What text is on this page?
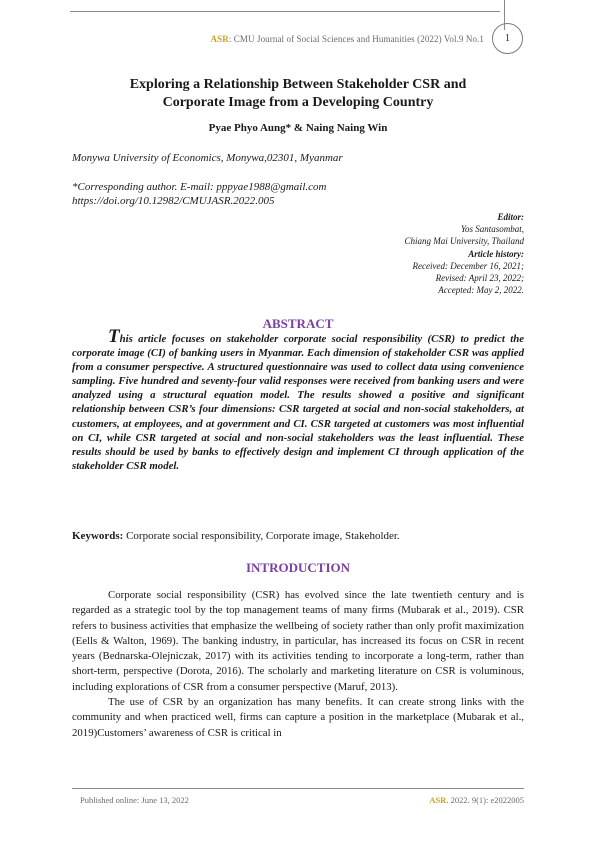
ASR: CMU Journal of Social Sciences and Humanities (2022) Vol.9 No.1	1
Exploring a Relationship Between Stakeholder CSR and
Corporate Image from a Developing Country
Pyae Phyo Aung* & Naing Naing Win
Monywa University of Economics, Monywa,02301, Myanmar
*Corresponding author. E-mail: pppyae1988@gmail.com
https://doi.org/10.12982/CMUJASR.2022.005
Editor:
Yos Santasombat,
Chiang Mai University, Thailand
Article history:
Received: December 16, 2021;
Revised: April 23, 2022;
Accepted: May 2, 2022.
ABSTRACT

This article focuses on stakeholder corporate social responsibility (CSR) to predict the corporate image (CI) of banking users in Myanmar. Each dimension of stakeholder CSR was applied from a consumer perspective. A structured questionnaire was used to collect data using convenience sampling. Five hundred and seventy-four valid responses were received from banking users and were analyzed using a structural equation model. The results showed a positive and significant relationship between CSR’s four dimensions: CSR targeted at social and non-social stakeholders, at customers, at employees, and at government and CI. CSR targeted at customers was most influential on CI, while CSR targeted at social and non-social stakeholders was the least influential. These results should be used by banks to effectively design and implement CI through application of the stakeholder CSR model.

Keywords: Corporate social responsibility, Corporate image, Stakeholder.
INTRODUCTION

Corporate social responsibility (CSR) has evolved since the late twentieth century and is regarded as a strategic tool by the top management teams of many firms (Mubarak et al., 2019). CSR refers to business activities that emphasize the wellbeing of society rather than only profit maximization (Eells & Walton, 1969). The banking industry, in particular, has increased its focus on CSR in recent years (Bednarska-Olejniczak, 2017) with its activities tending to incorporate a long-term, rather than short-term, perspective (Dorota, 2016). The scholarly and marketing literature on CSR is voluminous, including explorations of CSR from a consumer perspective (Maruf, 2013).

The use of CSR by an organization has many benefits. It can create strong links with the community and when practiced well, firms can capture a position in the marketplace (Mubarak et al., 2019)Customers’ awareness of CSR is critical in

Published online: June 13, 2022	ASR. 2022. 9(1): e2022005
